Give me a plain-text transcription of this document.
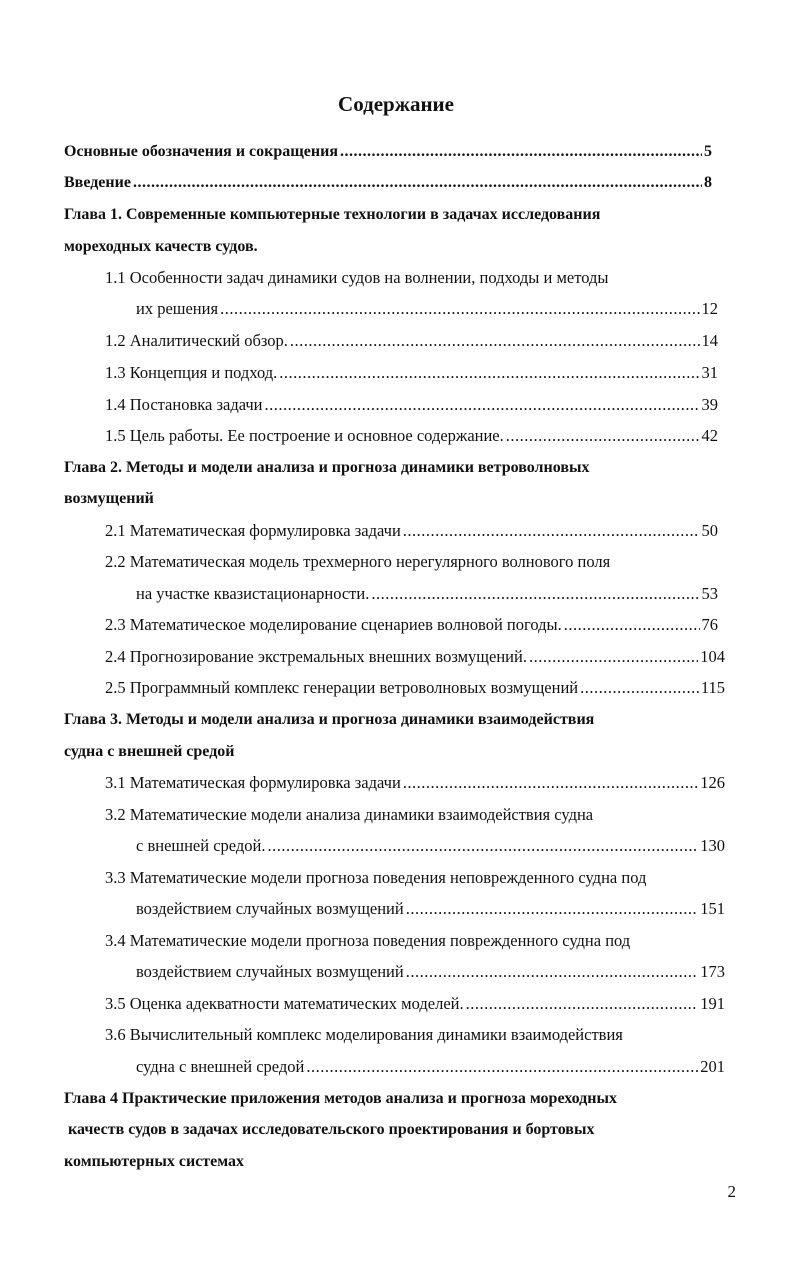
Содержание
Основные обозначения и сокращения .....	5
Введение .....	8
Глава 1. Современные компьютерные технологии в задачах исследования
мореходных качеств судов.
1.1 Особенности задач динамики судов на волнении, подходы и методы
их решения .....	12
1.2 Аналитический обзор. .....	14
1.3 Концепция и подход. .....	31
1.4 Постановка задачи .....	39
1.5 Цель работы. Ее построение и основное содержание. .....	42
Глава 2. Методы и модели анализа и прогноза динамики ветроволновых
возмущений
2.1 Математическая формулировка задачи .....	50
2.2 Математическая модель трехмерного нерегулярного волнового поля
на участке квазистационарности. .....	53
2.3 Математическое моделирование сценариев волновой погоды. .....	76
2.4 Прогнозирование экстремальных внешних возмущений. .....	104
2.5 Программный комплекс генерации ветроволновых возмущений .....	115
Глава 3. Методы и модели анализа и прогноза динамики взаимодействия
судна с внешней средой
3.1 Математическая формулировка задачи .....	126
3.2 Математические модели анализа динамики взаимодействия судна
с внешней средой. .....	130
3.3 Математические модели прогноза поведения неповрежденного судна под
воздействием случайных возмущений .....	151
3.4 Математические модели прогноза поведения поврежденного судна под
воздействием случайных возмущений .....	173
3.5 Оценка адекватности математических моделей. .....	191
3.6 Вычислительный комплекс моделирования динамики взаимодействия
судна с внешней средой .....	201
Глава 4 Практические приложения методов анализа и прогноза мореходных
качеств судов в задачах исследовательского проектирования и бортовых
компьютерных системах
2
